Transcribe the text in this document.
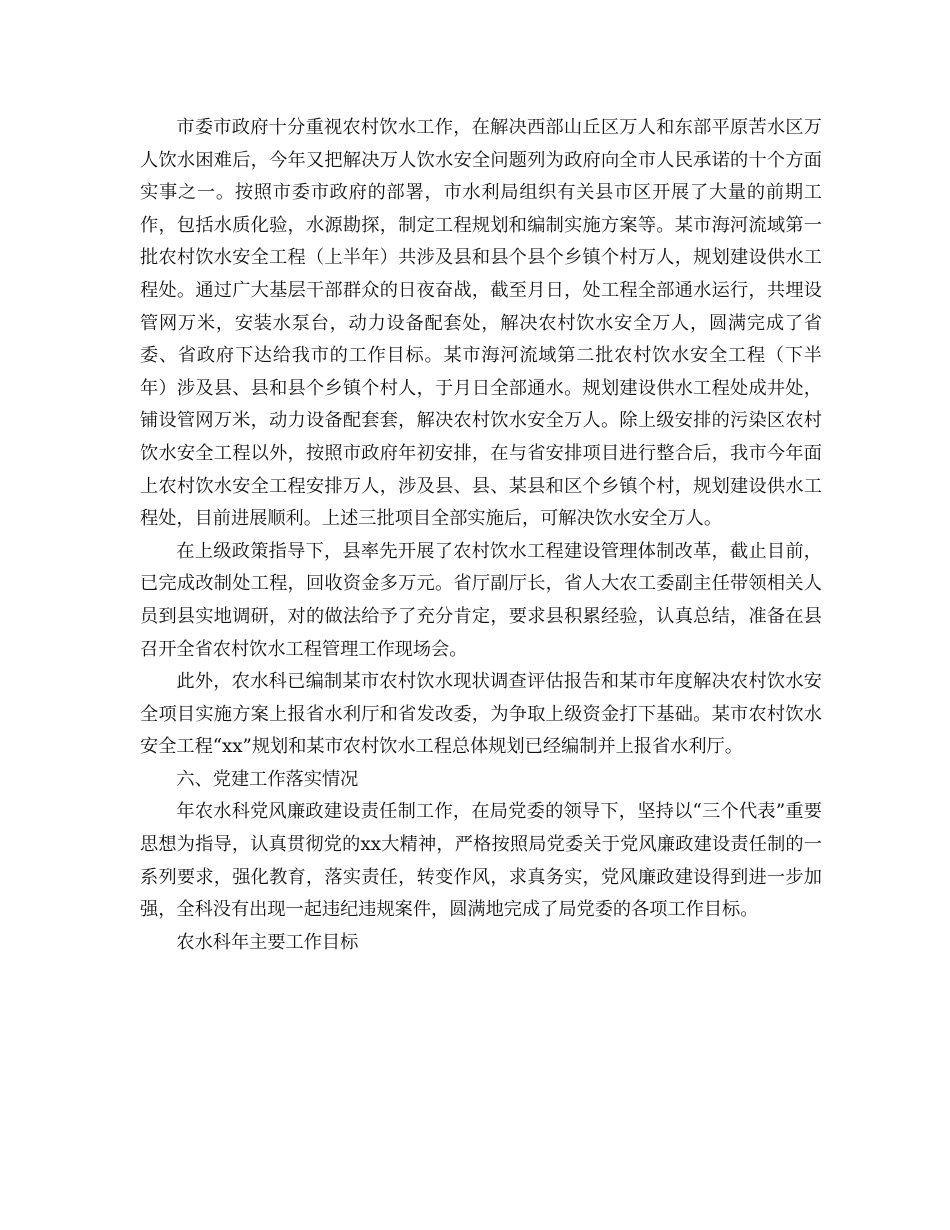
市委市政府十分重视农村饮水工作，在解决西部山丘区万人和东部平原苦水区万人饮水困难后，今年又把解决万人饮水安全问题列为政府向全市人民承诺的十个方面实事之一。按照市委市政府的部署，市水利局组织有关县市区开展了大量的前期工作，包括水质化验，水源勘探，制定工程规划和编制实施方案等。某市海河流域第一批农村饮水安全工程（上半年）共涉及县和县个县个乡镇个村万人，规划建设供水工程处。通过广大基层干部群众的日夜奋战，截至月日，处工程全部通水运行，共埋设管网万米，安装水泵台，动力设备配套处，解决农村饮水安全万人，圆满完成了省委、省政府下达给我市的工作目标。某市海河流域第二批农村饮水安全工程（下半年）涉及县、县和县个乡镇个村人，于月日全部通水。规划建设供水工程处成井处，铺设管网万米，动力设备配套套，解决农村饮水安全万人。除上级安排的污染区农村饮水安全工程以外，按照市政府年初安排，在与省安排项目进行整合后，我市今年面上农村饮水安全工程安排万人，涉及县、县、某县和区个乡镇个村，规划建设供水工程处，目前进展顺利。上述三批项目全部实施后，可解决饮水安全万人。

在上级政策指导下，县率先开展了农村饮水工程建设管理体制改革，截止目前，已完成改制处工程，回收资金多万元。省厅副厅长，省人大农工委副主任带领相关人员到县实地调研，对的做法给予了充分肯定，要求县积累经验，认真总结，准备在县召开全省农村饮水工程管理工作现场会。

此外，农水科已编制某市农村饮水现状调查评估报告和某市年度解决农村饮水安全项目实施方案上报省水利厅和省发改委，为争取上级资金打下基础。某市农村饮水安全工程“xx”规划和某市农村饮水工程总体规划已经编制并上报省水利厅。

六、党建工作落实情况

年农水科党风廉政建设责任制工作，在局党委的领导下，坚持以“三个代表”重要思想为指导，认真贯彻党的xx大精神，严格按照局党委关于党风廉政建设责任制的一系列要求，强化教育，落实责任，转变作风，求真务实，党风廉政建设得到进一步加强，全科没有出现一起违纪违规案件，圆满地完成了局党委的各项工作目标。

农水科年主要工作目标
